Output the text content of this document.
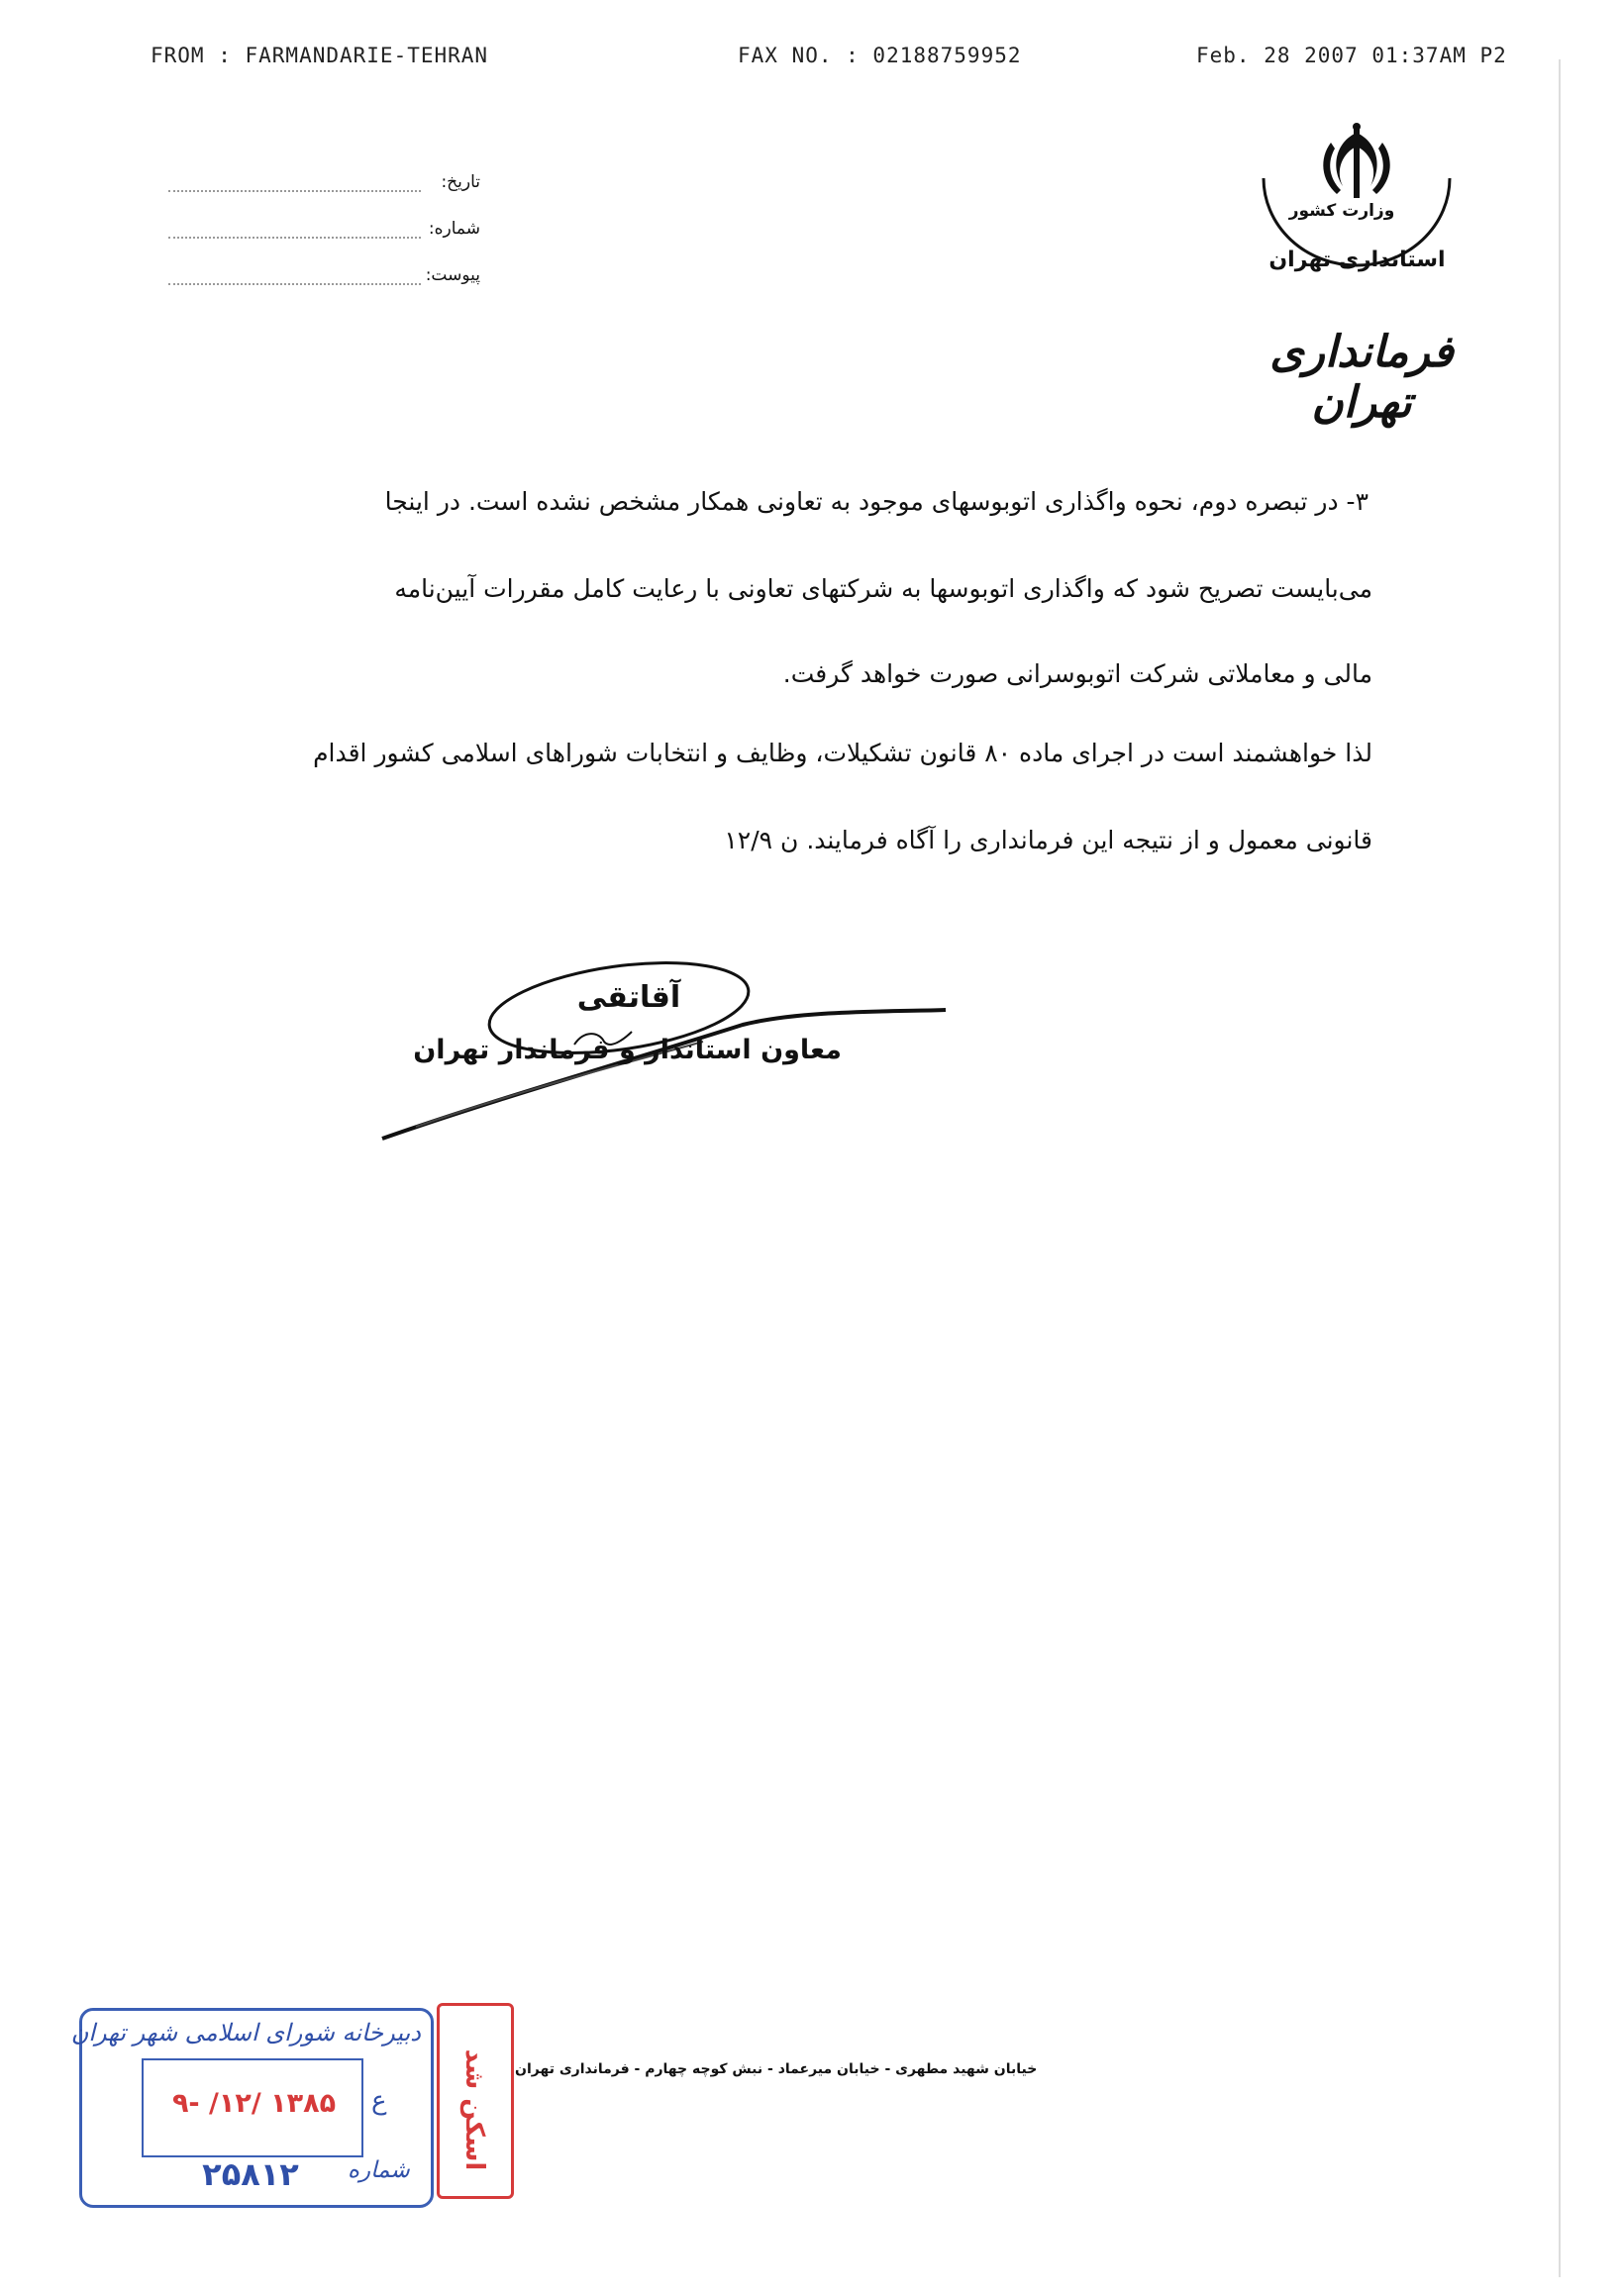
FROM : FARMANDARIE-TEHRAN	FAX NO. : 02188759952	Feb. 28 2007 01:37AM P2
تاریخ:
شماره:
پیوست:
وزارت کشور
استانداری تهران
فرمانداری تهران
۳- در تبصره دوم، نحوه واگذاری اتوبوسهای موجود به تعاونی همکار مشخص نشده است. در اینجا
می‌بایست تصریح شود که واگذاری اتوبوسها به شرکتهای تعاونی با رعایت کامل مقررات آیین‌نامه
مالی و معاملاتی شرکت اتوبوسرانی صورت خواهد گرفت.
لذا خواهشمند است در اجرای ماده ۸۰ قانون تشکیلات، وظایف و انتخابات شوراهای اسلامی کشور اقدام
قانونی معمول و از نتیجه این فرمانداری را آگاه فرمایند. ن ۱۲/۹
آقاتقی
معاون استاندار و فرماندار تهران
خیابان شهید مطهری - خیابان میرعماد - نبش کوچه چهارم - فرمانداری تهران
اسکن شد
دبیرخانه شورای اسلامی شهر تهران
ع
۱۳۸۵ /۱۲/ -۹
شماره
۲۵۸۱۲
